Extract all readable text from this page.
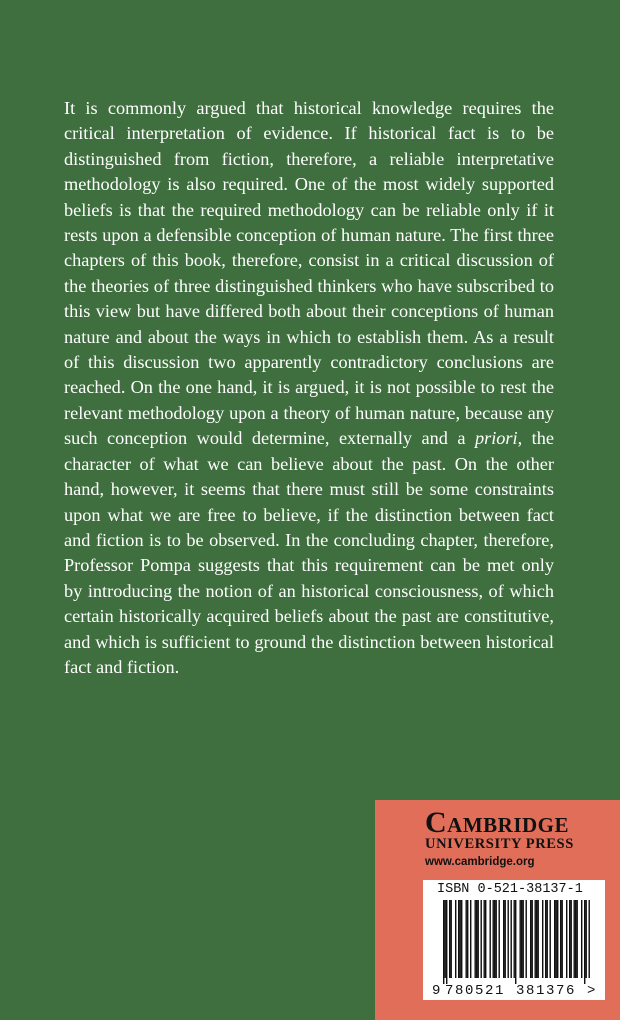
It is commonly argued that historical knowledge requires the critical interpretation of evidence. If historical fact is to be distinguished from fiction, therefore, a reliable interpretative methodology is also required. One of the most widely supported beliefs is that the required methodology can be reliable only if it rests upon a defensible conception of human nature. The first three chapters of this book, therefore, consist in a critical discussion of the theories of three distinguished thinkers who have subscribed to this view but have differed both about their conceptions of human nature and about the ways in which to establish them. As a result of this discussion two apparently contradictory conclusions are reached. On the one hand, it is argued, it is not possible to rest the relevant methodology upon a theory of human nature, because any such conception would determine, externally and a priori, the character of what we can believe about the past. On the other hand, however, it seems that there must still be some constraints upon what we are free to believe, if the distinction between fact and fiction is to be observed. In the concluding chapter, therefore, Professor Pompa suggests that this requirement can be met only by introducing the notion of an historical consciousness, of which certain historically acquired beliefs about the past are constitutive, and which is sufficient to ground the distinction between historical fact and fiction.

Cambridge
UNIVERSITY PRESS
www.cambridge.org
ISBN 0-521-38137-1
9 780521 381376 >
